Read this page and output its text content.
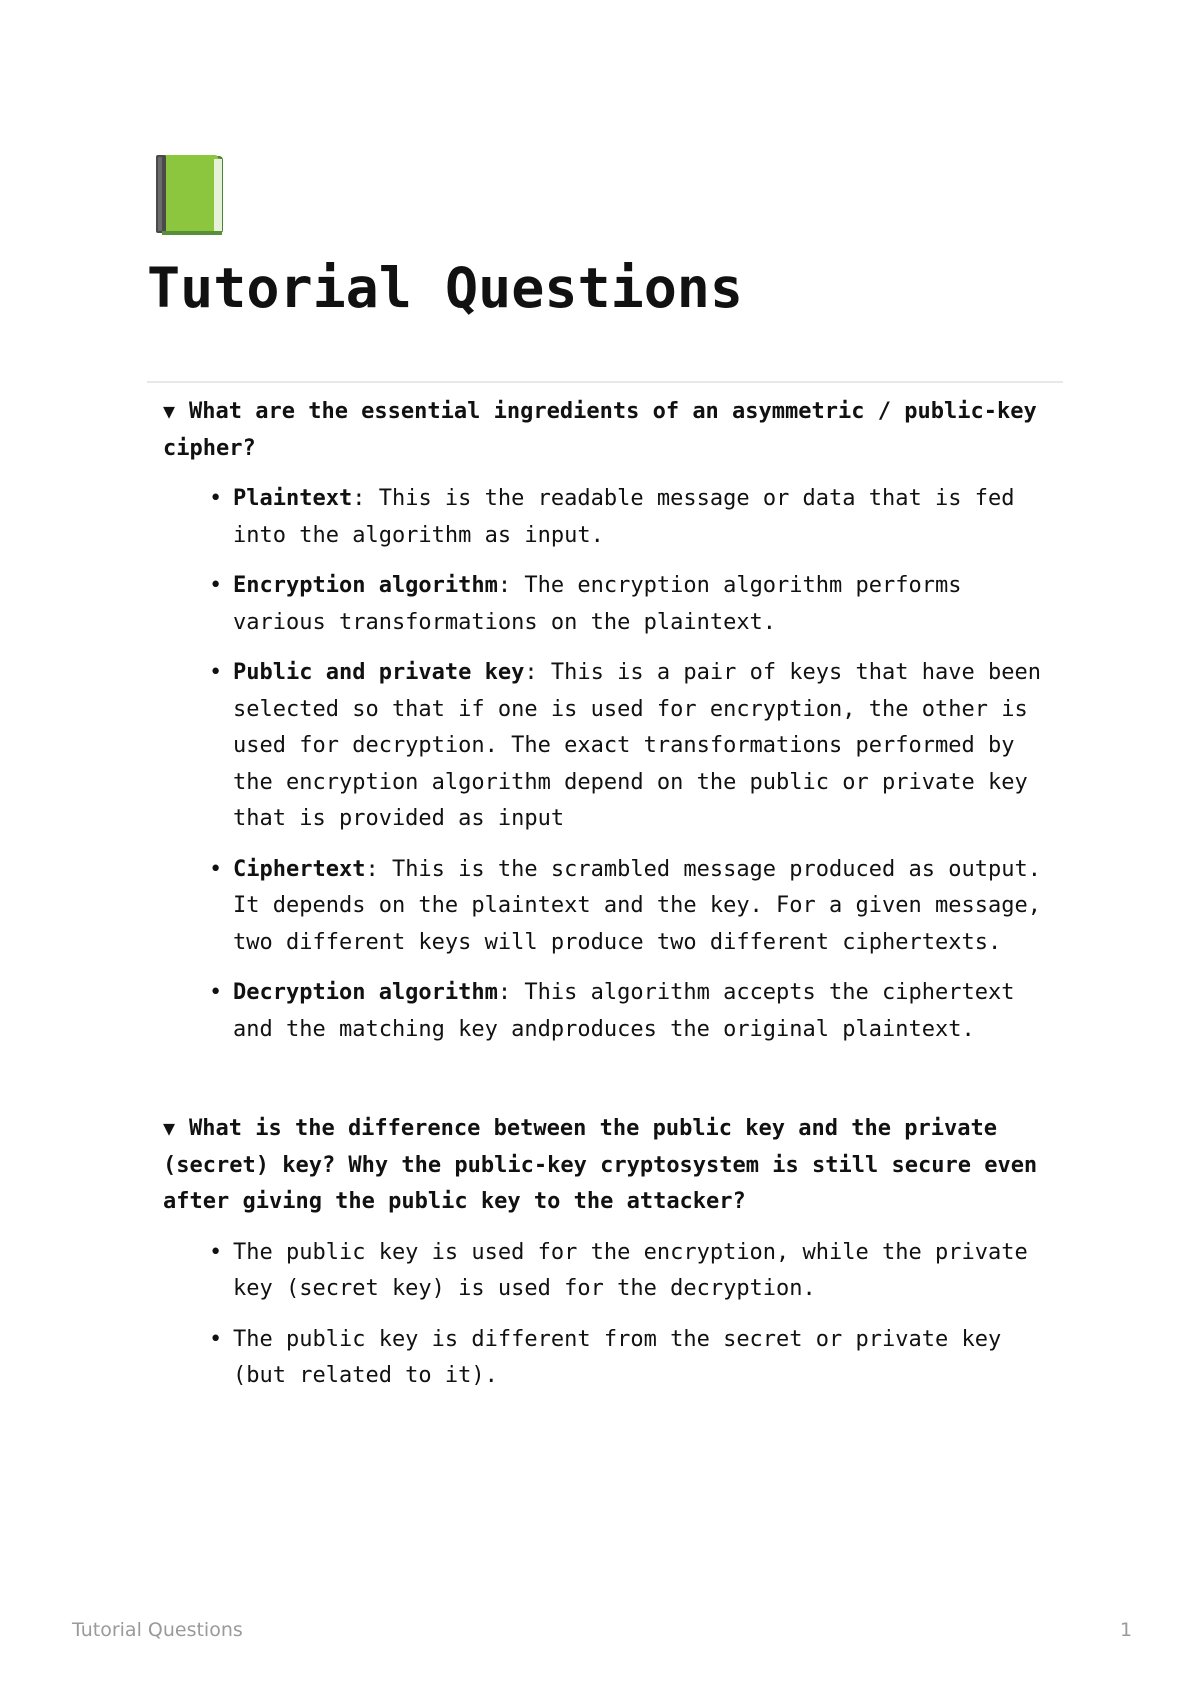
Tutorial Questions

▼ What are the essential ingredients of an asymmetric / public-key cipher?

• Plaintext: This is the readable message or data that is fed into the algorithm as input.
• Encryption algorithm: The encryption algorithm performs various transformations on the plaintext.
• Public and private key: This is a pair of keys that have been selected so that if one is used for encryption, the other is used for decryption. The exact transformations performed by the encryption algorithm depend on the public or private key that is provided as input
• Ciphertext: This is the scrambled message produced as output. It depends on the plaintext and the key. For a given message, two different keys will produce two different ciphertexts.
• Decryption algorithm: This algorithm accepts the ciphertext and the matching key andproduces the original plaintext.

▼ What is the difference between the public key and the private (secret) key? Why the public-key cryptosystem is still secure even after giving the public key to the attacker?

• The public key is used for the encryption, while the private key (secret key) is used for the decryption.
• The public key is different from the secret or private key (but related to it).
Tutorial Questions	1
